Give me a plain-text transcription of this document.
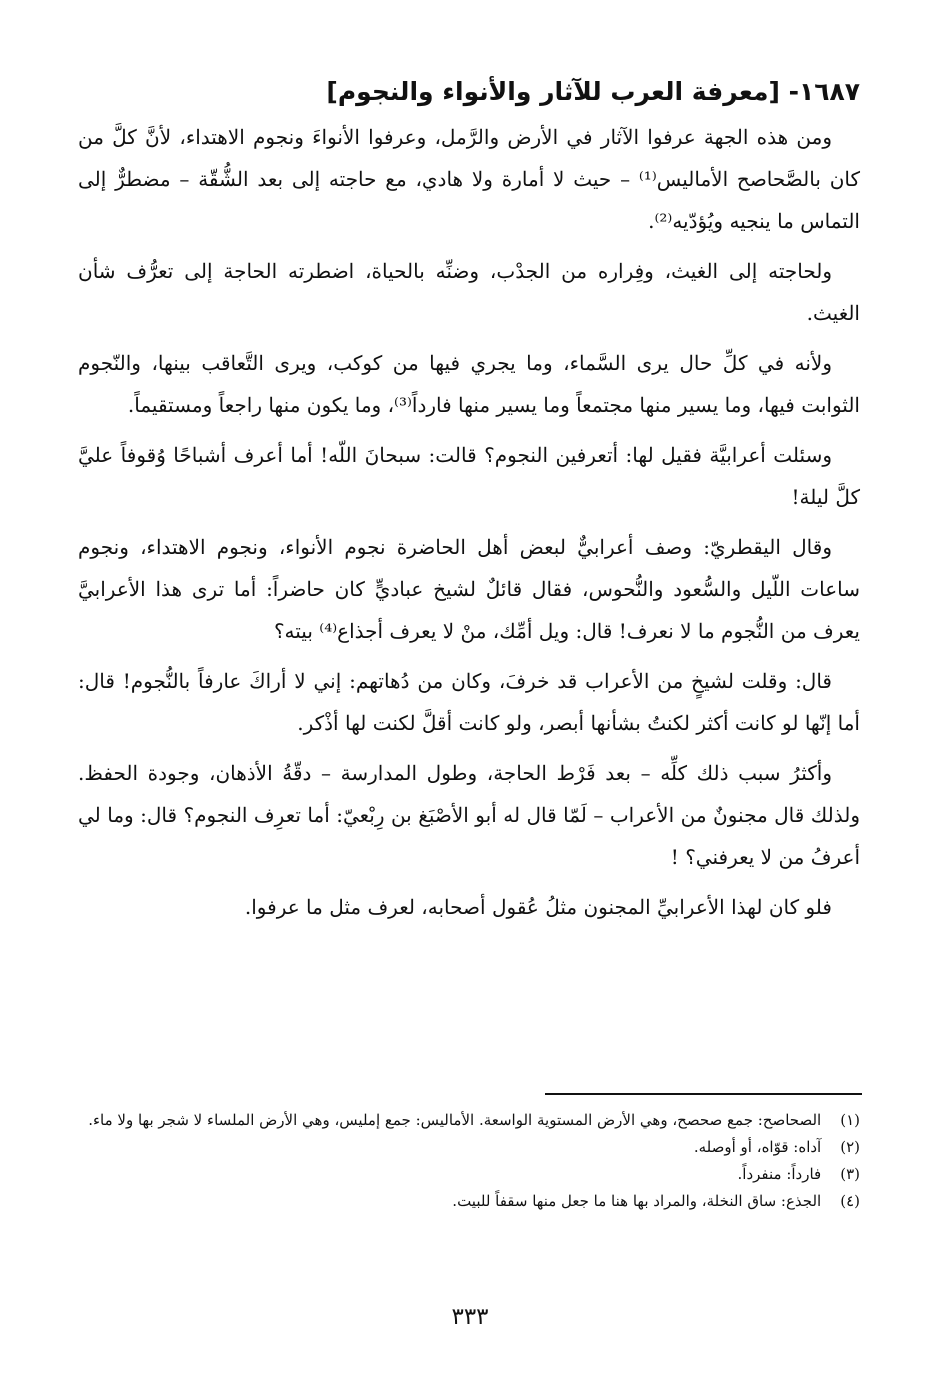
١٦٨٧- [معرفة العرب للآثار والأنواء والنجوم]

ومن هذه الجهة عرفوا الآثار في الأرض والرَّمل، وعرفوا الأنواءَ ونجوم الاهتداء، لأنَّ كلَّ من كان بالصَّحاصح الأماليس⁽¹⁾ – حيث لا أمارة ولا هادي، مع حاجته إلى بعد الشُّقّة – مضطرٌّ إلى التماس ما ينجيه ويُؤدّيه⁽²⁾.

ولحاجته إلى الغيث، وفِراره من الجدْب، وضنِّه بالحياة، اضطرته الحاجة إلى تعرُّف شأن الغيث.

ولأنه في كلِّ حال يرى السَّماء، وما يجري فيها من كوكب، ويرى التَّعاقب بينها، والنّجوم الثوابت فيها، وما يسير منها مجتمعاً وما يسير منها فارداً⁽³⁾، وما يكون منها راجعاً ومستقيماً.

وسئلت أعرابيَّة فقيل لها: أتعرفين النجوم؟ قالت: سبحانَ اللّه! أما أعرف أشباحًا وُقوفاً عليَّ كلَّ ليلة!

وقال اليقطريّ: وصف أعرابيٌّ لبعض أهل الحاضرة نجوم الأنواء، ونجوم الاهتداء، ونجوم ساعات اللّيل والسُّعود والنُّحوس، فقال قائلٌ لشيخ عباديٍّ كان حاضراً: أما ترى هذا الأعرابيَّ يعرف من النُّجوم ما لا نعرف! قال: ويل أمِّك، منْ لا يعرف أجذاع⁽⁴⁾ بيته؟

قال: وقلت لشيخٍ من الأعراب قد خرفَ، وكان من دُهاتهم: إني لا أراكَ عارفاً بالنُّجوم! قال: أما إنّها لو كانت أكثر لكنتُ بشأنها أبصر، ولو كانت أقلَّ لكنت لها أذْكر.

وأكثرُ سبب ذلك كلِّه – بعد فَرْط الحاجة، وطول المدارسة – دقّةُ الأذهان، وجودة الحفظ. ولذلك قال مجنونٌ من الأعراب – لَمّا قال له أبو الأصْبَغ بن رِبْعيّ: أما تعرِف النجوم؟ قال: وما لي أعرفُ من لا يعرفني؟ !

فلو كان لهذا الأعرابيِّ المجنون مثلُ عُقول أصحابه، لعرف مثل ما عرفوا.

(١) الصحاصح: جمع صحصح، وهي الأرض المستوية الواسعة. الأماليس: جمع إمليس، وهي الأرض الملساء لا شجر بها ولا ماء.

(٢) آداه: قوّاه، أو أوصله.

(٣) فارداً: منفرداً.

(٤) الجذع: ساق النخلة، والمراد بها هنا ما جعل منها سقفاً للبيت.

٣٣٣
